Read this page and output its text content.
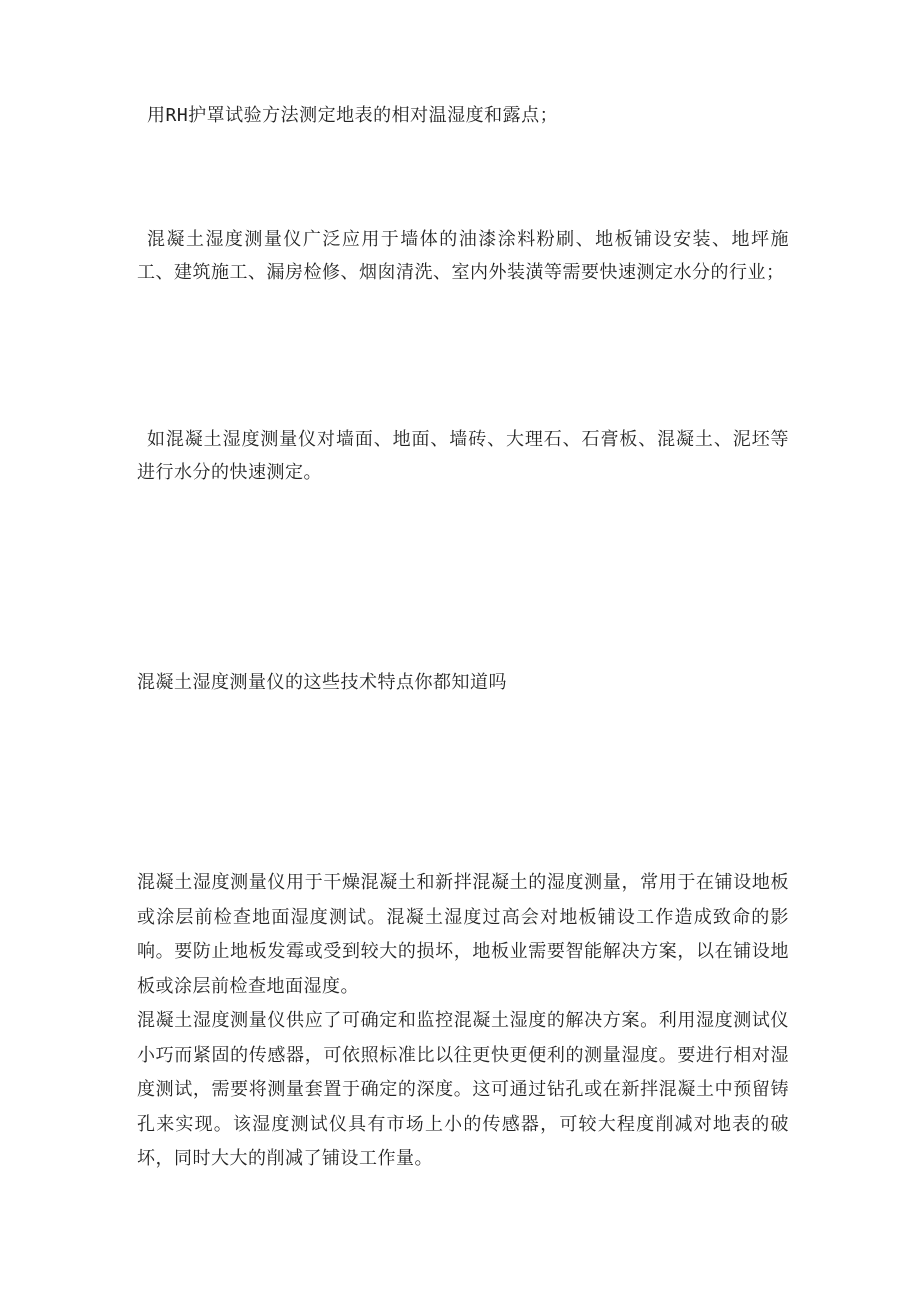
用RH护罩试验方法测定地表的相对温湿度和露点；

混凝土湿度测量仪广泛应用于墙体的油漆涂料粉刷、地板铺设安装、地坪施工、建筑施工、漏房检修、烟囱清洗、室内外装潢等需要快速测定水分的行业；

如混凝土湿度测量仪对墙面、地面、墙砖、大理石、石膏板、混凝土、泥坯等进行水分的快速测定。

混凝土湿度测量仪的这些技术特点你都知道吗

混凝土湿度测量仪用于干燥混凝土和新拌混凝土的湿度测量，常用于在铺设地板或涂层前检查地面湿度测试。混凝土湿度过高会对地板铺设工作造成致命的影响。要防止地板发霉或受到较大的损坏，地板业需要智能解决方案，以在铺设地板或涂层前检查地面湿度。
混凝土湿度测量仪供应了可确定和监控混凝土湿度的解决方案。利用湿度测试仪小巧而紧固的传感器，可依照标准比以往更快更便利的测量湿度。要进行相对湿度测试，需要将测量套置于确定的深度。这可通过钻孔或在新拌混凝土中预留铸孔来实现。该湿度测试仪具有市场上小的传感器，可较大程度削减对地表的破坏，同时大大的削减了铺设工作量。
